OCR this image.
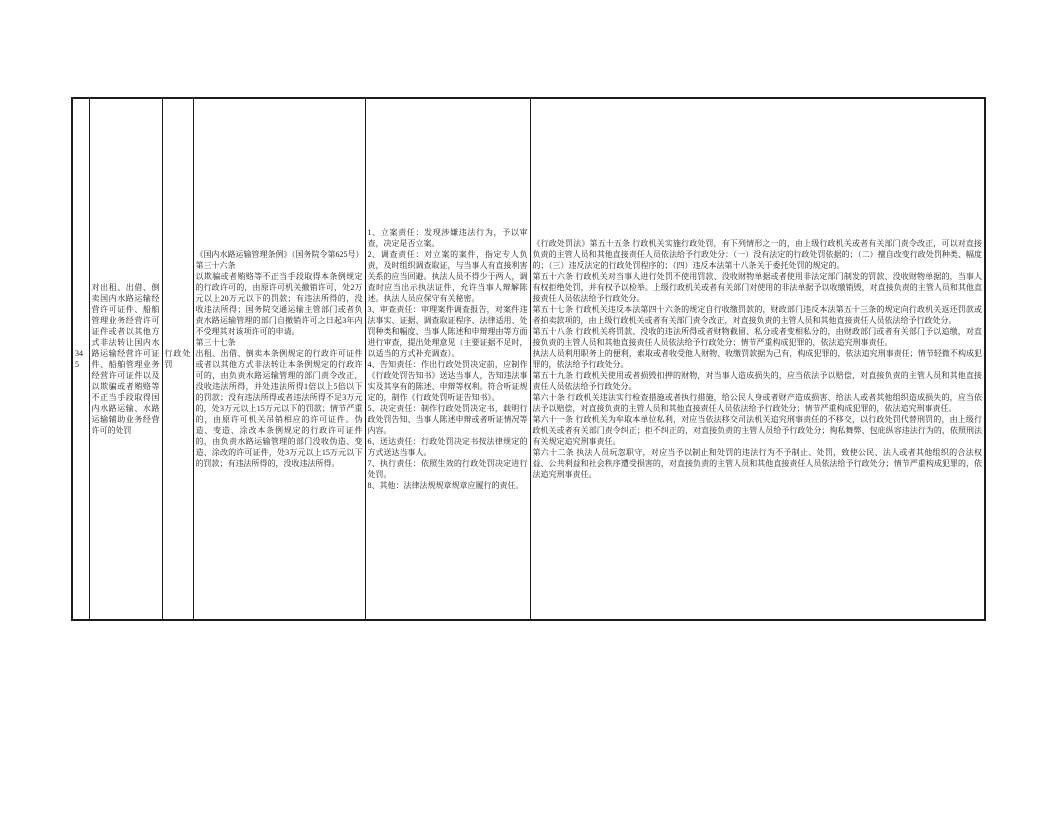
345	对出租、出借、倒卖国内水路运输经营许可证件、船舶管理业务经营许可证件或者以其他方式非法转让国内水路运输经营许可证件、船舶管理业务经营许可证件以及以欺骗或者贿赂等不正当手段取得国内水路运输、水路运输辅助业务经营许可的处罚	行政处罚	
《国内水路运输管理条例》（国务院令第625号）
第三十六条
以欺骗或者贿赂等不正当手段取得本条例规定的行政许可的，由原许可机关撤销许可，处2万元以上20万元以下的罚款；有违法所得的，没收违法所得；国务院交通运输主管部门或者负责水路运输管理的部门自撤销许可之日起3年内不受理其对该项许可的申请。
第三十七条
出租、出借、倒卖本条例规定的行政许可证件或者以其他方式非法转让本条例规定的行政许可的，由负责水路运输管理的部门责令改正，没收违法所得，并处违法所得1倍以上5倍以下的罚款；没有违法所得或者违法所得不足3万元的，处3万元以上15万元以下的罚款；情节严重的，由原许可机关吊销相应的许可证件。伪造、变造、涂改本条例规定的行政许可证件的，由负责水路运输管理的部门没收伪造、变造、涂改的许可证件，处3万元以上15万元以下的罚款；有违法所得的，没收违法所得。

1、立案责任：发现涉嫌违法行为，予以审查，决定是否立案。
2、调查责任：对立案的案件，指定专人负责，及时组织调查取证，与当事人有直接利害关系的应当回避。执法人员不得少于两人，调查时应当出示执法证件，允许当事人辩解陈述。执法人员应保守有关秘密。
3、审查责任：审理案件调查报告，对案件违法事实、证据、调查取证程序、法律适用、处罚种类和幅度、当事人陈述和申辩理由等方面进行审查，提出处理意见（主要证据不足时，以适当的方式补充调查）。
4、告知责任：作出行政处罚决定前，应制作《行政处罚告知书》送达当事人，告知违法事实及其享有的陈述、申辩等权利。符合听证规定的，制作《行政处罚听证告知书》。
5、决定责任：制作行政处罚决定书，载明行政处罚告知、当事人陈述申辩或者听证情况等内容。
6、送达责任：行政处罚决定书按法律规定的方式送达当事人。
7、执行责任：依照生效的行政处罚决定进行处罚。
8、其他：法律法规规章规章应履行的责任。

《行政处罚法》第五十五条 行政机关实施行政处罚，有下列情形之一的，由上级行政机关或者有关部门责令改正，可以对直接负责的主管人员和其他直接责任人员依法给予行政处分：（一）没有法定的行政处罚依据的；（二）擅自改变行政处罚种类、幅度的；（三）违反法定的行政处罚程序的；（四）违反本法第十八条关于委托处罚的规定的。
第五十六条 行政机关对当事人进行处罚不使用罚款、没收财物单据或者使用非法定部门制发的罚款、没收财物单据的，当事人有权拒绝处罚，并有权予以检举。上级行政机关或者有关部门对使用的非法单据予以收缴销毁，对直接负责的主管人员和其他直接责任人员依法给予行政处分。
第五十七条 行政机关违反本法第四十六条的规定自行收缴罚款的，财政部门违反本法第五十三条的规定向行政机关返还罚款或者拍卖款项的，由上级行政机关或者有关部门责令改正，对直接负责的主管人员和其他直接责任人员依法给予行政处分。
第五十八条 行政机关将罚款、没收的违法所得或者财物截留、私分或者变相私分的，由财政部门或者有关部门予以追缴，对直接负责的主管人员和其他直接责任人员依法给予行政处分；情节严重构成犯罪的，依法追究刑事责任。
执法人员利用职务上的便利，索取或者收受他人财物、收缴罚款据为己有，构成犯罪的，依法追究刑事责任；情节轻微不构成犯罪的，依法给予行政处分。
第五十九条 行政机关使用或者损毁扣押的财物，对当事人造成损失的，应当依法予以赔偿，对直接负责的主管人员和其他直接责任人员依法给予行政处分。
第六十条 行政机关违法实行检查措施或者执行措施，给公民人身或者财产造成损害、给法人或者其他组织造成损失的，应当依法予以赔偿，对直接负责的主管人员和其他直接责任人员依法给予行政处分；情节严重构成犯罪的，依法追究刑事责任。
第六十一条 行政机关为牟取本单位私利，对应当依法移交司法机关追究刑事责任的不移交，以行政处罚代替刑罚的，由上级行政机关或者有关部门责令纠正；拒不纠正的，对直接负责的主管人员给予行政处分；徇私舞弊、包庇纵容违法行为的，依照刑法有关规定追究刑事责任。
第六十二条 执法人员玩忽职守，对应当予以制止和处罚的违法行为不予制止、处罚，致使公民、法人或者其他组织的合法权益、公共利益和社会秩序遭受损害的，对直接负责的主管人员和其他直接责任人员依法给予行政处分；情节严重构成犯罪的，依法追究刑事责任。
